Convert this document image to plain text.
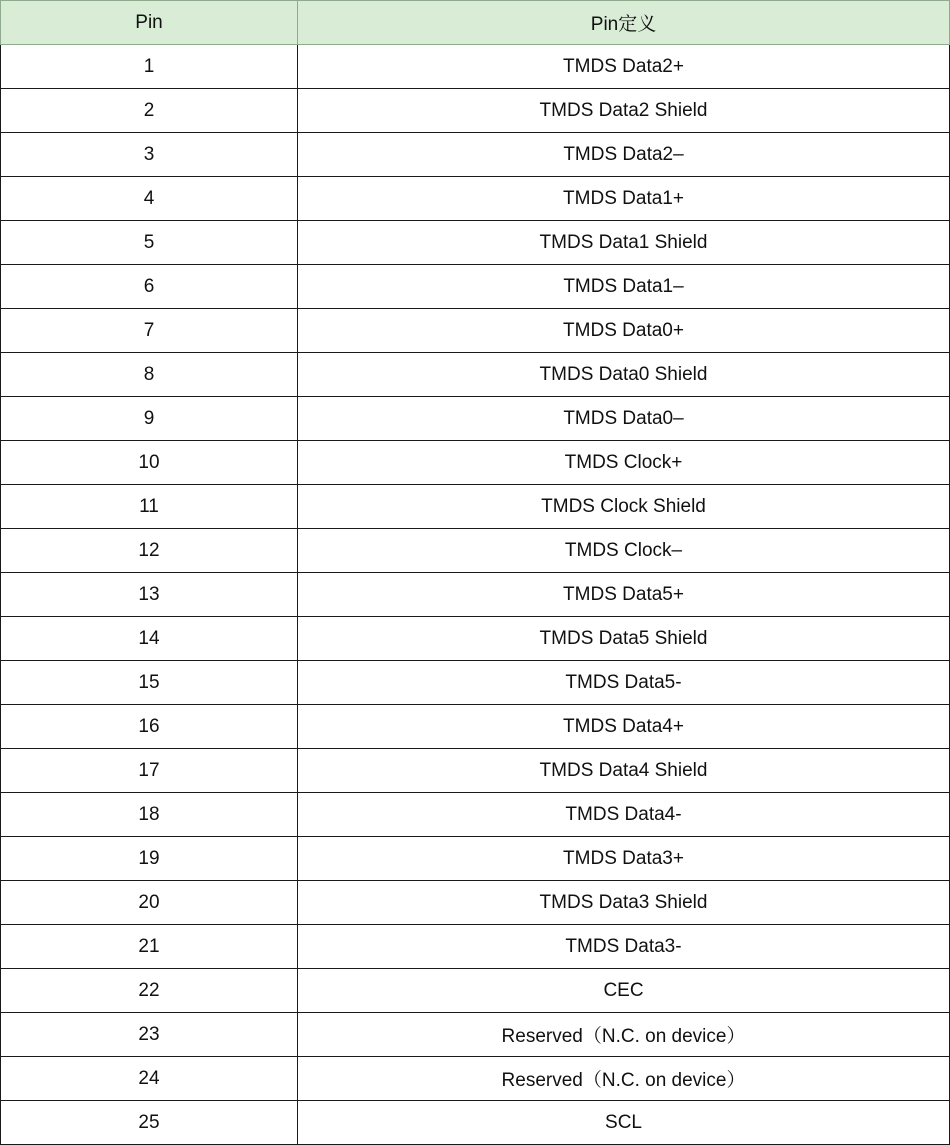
Pin	Pin定义
1	TMDS Data2+
2	TMDS Data2 Shield
3	TMDS Data2–
4	TMDS Data1+
5	TMDS Data1 Shield
6	TMDS Data1–
7	TMDS Data0+
8	TMDS Data0 Shield
9	TMDS Data0–
10	TMDS Clock+
11	TMDS Clock Shield
12	TMDS Clock–
13	TMDS Data5+
14	TMDS Data5 Shield
15	TMDS Data5-
16	TMDS Data4+
17	TMDS Data4 Shield
18	TMDS Data4-
19	TMDS Data3+
20	TMDS Data3 Shield
21	TMDS Data3-
22	CEC
23	Reserved（N.C. on device）
24	Reserved（N.C. on device）
25	SCL
